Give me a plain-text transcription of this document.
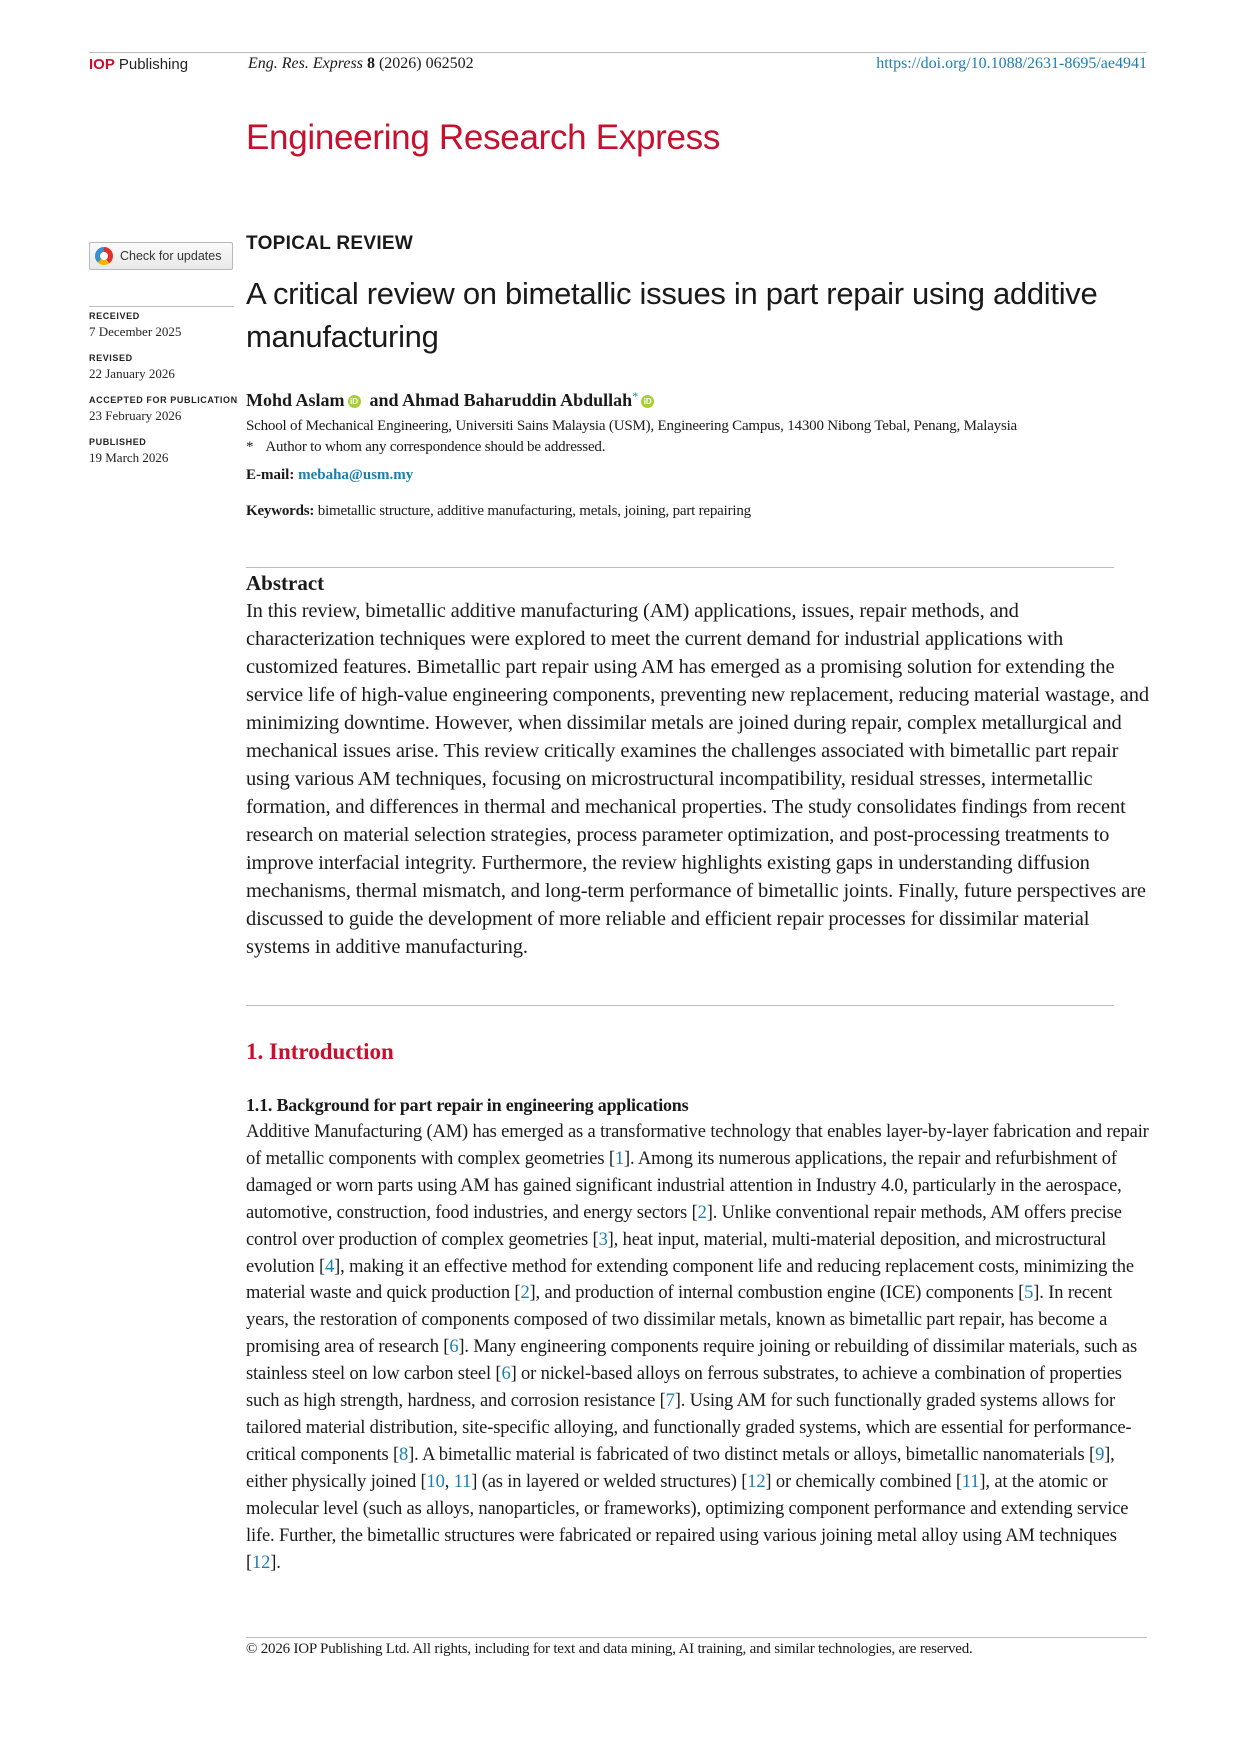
IOP Publishing	Eng. Res. Express 8 (2026) 062502	https://doi.org/10.1088/2631-8695/ae4941
Engineering Research Express
Check for updates
RECEIVED
7 December 2025
REVISED
22 January 2026
ACCEPTED FOR PUBLICATION
23 February 2026
PUBLISHED
19 March 2026
TOPICAL REVIEW
A critical review on bimetallic issues in part repair using additive manufacturing
Mohd Aslam iD and Ahmad Baharuddin Abdullah* iD
School of Mechanical Engineering, Universiti Sains Malaysia (USM), Engineering Campus, 14300 Nibong Tebal, Penang, Malaysia
* Author to whom any correspondence should be addressed.
E-mail: mebaha@usm.my
Keywords: bimetallic structure, additive manufacturing, metals, joining, part repairing
Abstract
In this review, bimetallic additive manufacturing (AM) applications, issues, repair methods, and characterization techniques were explored to meet the current demand for industrial applications with customized features. Bimetallic part repair using AM has emerged as a promising solution for extending the service life of high-value engineering components, preventing new replacement, reducing material wastage, and minimizing downtime. However, when dissimilar metals are joined during repair, complex metallurgical and mechanical issues arise. This review critically examines the challenges associated with bimetallic part repair using various AM techniques, focusing on microstructural incompatibility, residual stresses, intermetallic formation, and differences in thermal and mechanical properties. The study consolidates findings from recent research on material selection strategies, process parameter optimization, and post-processing treatments to improve interfacial integrity. Furthermore, the review highlights existing gaps in understanding diffusion mechanisms, thermal mismatch, and long-term performance of bimetallic joints. Finally, future perspectives are discussed to guide the development of more reliable and efficient repair processes for dissimilar material systems in additive manufacturing.
1. Introduction
1.1. Background for part repair in engineering applications
Additive Manufacturing (AM) has emerged as a transformative technology that enables layer-by-layer fabrication and repair of metallic components with complex geometries [1]. Among its numerous applications, the repair and refurbishment of damaged or worn parts using AM has gained significant industrial attention in Industry 4.0, particularly in the aerospace, automotive, construction, food industries, and energy sectors [2]. Unlike conventional repair methods, AM offers precise control over production of complex geometries [3], heat input, material, multi-material deposition, and microstructural evolution [4], making it an effective method for extending component life and reducing replacement costs, minimizing the material waste and quick production [2], and production of internal combustion engine (ICE) components [5]. In recent years, the restoration of components composed of two dissimilar metals, known as bimetallic part repair, has become a promising area of research [6]. Many engineering components require joining or rebuilding of dissimilar materials, such as stainless steel on low carbon steel [6] or nickel-based alloys on ferrous substrates, to achieve a combination of properties such as high strength, hardness, and corrosion resistance [7]. Using AM for such functionally graded systems allows for tailored material distribution, site-specific alloying, and functionally graded systems, which are essential for performance-critical components [8]. A bimetallic material is fabricated of two distinct metals or alloys, bimetallic nanomaterials [9], either physically joined [10, 11] (as in layered or welded structures) [12] or chemically combined [11], at the atomic or molecular level (such as alloys, nanoparticles, or frameworks), optimizing component performance and extending service life. Further, the bimetallic structures were fabricated or repaired using various joining metal alloy using AM techniques [12].
© 2026 IOP Publishing Ltd. All rights, including for text and data mining, AI training, and similar technologies, are reserved.
